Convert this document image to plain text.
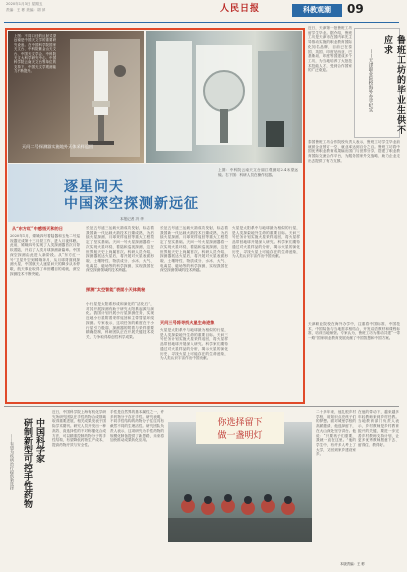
2020年1月3日 星期五
责编：王 彬 美编：胡 萍	人民日报	科教观潮	09
上图：不同口径的反射式望远镜是中国天文学的重要研究设备。在中国科学院国家天文台、中科院紫金山天文台、中国天文学会、中科院天文大科学研究中心、中国科学院云南天文台等单位的支持下，中国天文学观测能力不断提升。
天问二号探测器实施地外天体采样返回
逐星问天
中国深空探测新远征
本报记者 冯 华
上图：中科院云南天文台丽江观测站2.4米望远镜。右下图：科研人员在操作仪器。
从“东方红”中感悟天和的日
2020年1月，嫦娥四号着陆器和玉兔二号巡视器完成第十三月昼工作，进入月夜休眠。此前，嫦娥四号实现了人类探测器首次月背软着陆，开启了人类月球探测新篇章。中国深空探测由此进入新阶段。从“东方红一号”卫星升空到嫦娥奔月，从月球背面到探测火星，中国航天人逐星问天的脚步从未停歇，航天事业取得了举世瞩目的成就，深空探测技术不断突破。
长征五号遥三运载火箭成功发射，标志着我国新一代运载火箭技术日臻成熟，为后续火星探测、月球采样返回等重大工程奠定了坚实基础。天问一号火星探测器将一次实现火星环绕、着陆和巡视探测，这在世界航天史上尚属首次。科研人员介绍，探测器抵达火星后，将开展对火星表面形貌、土壤特性、物质成分、水冰、大气、电离层、磁场等的科学探测，实现我国在深空探测领域的技术跨越。
探测“太空智能”表面小天体奥秘
小行星是太阳系形成和演化的“活化石”，对其开展探测有助于研究太阳系起源与演化。我国计划开展小行星探测任务，实现近地小行星附着采样返回和主带彗星环绕探测。专家表示，这项任务的难度在于小行星引力极弱，探测器的附着与采样需要精确控制，科研团队正在开展关键技术攻关，力争取得原创性科学成果。
长征五号遥三运载火箭成功发射，标志着我国新一代运载火箭技术日臻成熟，为后续火星探测、月球采样返回等重大工程奠定了坚实基础。天问一号火星探测器将一次实现火星环绕、着陆和巡视探测，这在世界航天史上尚属首次。科研人员介绍，探测器抵达火星后，将开展对火星表面形貌、土壤特性、物质成分、水冰、大气、电离层、磁场等的科学探测，实现我国在深空探测领域的技术跨越。
天问三号将寻找火星生命迹象
火星是太阳系中与地球最为相似的行星，是人类探索地外生命的重要目标。天问三号任务计划实施火星采样返回，将火星样品带回地球开展深入研究。科学家们期待通过对火星样品的分析，揭示火星的演化历史，寻找火星上可能存在的生命迹象，为人类认识宇宙作出中国贡献。
火星是太阳系中与地球最为相似的行星，是人类探索地外生命的重要目标。天问三号任务计划实施火星采样返回，将火星样品带回地球开展深入研究。科学家们期待通过对火星样品的分析，揭示火星的演化历史，寻找火星上可能存在的生命迹象，为人类认识宇宙作出中国贡献。
近日，天津第一批鲁班工坊留学生毕业。据介绍，鲁班工坊是天津市在国内率先主导推动实施的职业教育国际化知名品牌，目前已在泰国、英国、印度尼西亚、巴基斯坦、印度等国建成多个工坊，为当地培养了大批技术技能人才，受到合作国家的广泛欢迎。	鲁班工坊的毕业生供不应求
——天津职业院校海外办学纪实
泰国鲁班工坊合作院校负责人表示，鲁班工坊学生毕业前就被企业预订一空，就业率达到百分之百。鲁班工坊将中国优秀职业教育成果输出国门与世界分享，搭建了职业教育国际交流合作平台，为服务国家外交战略、助力企业走出去提供了有力支撑。
天津职业院校在海外办学中，注重将中国标准、中国技术、中国装备与当地需求相结合，开发双语教材和课程标准，培训当地师资。专家认为，鲁班工坊为推动共建“一带一路”国家职业教育发展贡献了中国智慧和中国方案。
中国科学家
研制新型可控手性药物
——有望为疾病治疗提供新选择
近日，中国科学院上海有机化学研究所研究团队在手性药物合成领域取得重要进展，相关成果发表于国际学术期刊。研究人员开发出一种高效、高选择性的不对称催化合成方法，可以精准控制药物分子的手性结构，有望降低药物生产成本，提高药物疗效与安全性。
手性是自然界的基本属性之一，许多药物分子存在手性。研究表明，不同手性结构的药物分子往往具有截然不同的生理活性。研究团队负责人表示，这项研究为手性药物的规模化制备提供了新思路，未来将加快推动成果转化应用。
你选择留下
做一盏明灯
二十多年来，他扎根乡村学校，用知识点亮孩子们的梦想。面对城里学校的高薪邀请，他选择留下，在大山深处坚守讲台。他说：“只要孩子们需要，我就一直在这里。”他的学生中，有许多人考上了大学，又回到家乡建设家乡。
在他的带动下，越来越多年轻教师来到乡村任教。当地教育部门负责人表示，乡村教师是乡村教育振兴的关键，要进一步完善乡村教师支持计划，让更多优秀教师愿意下去、留得住、教得好。
本版责编：王 彬
